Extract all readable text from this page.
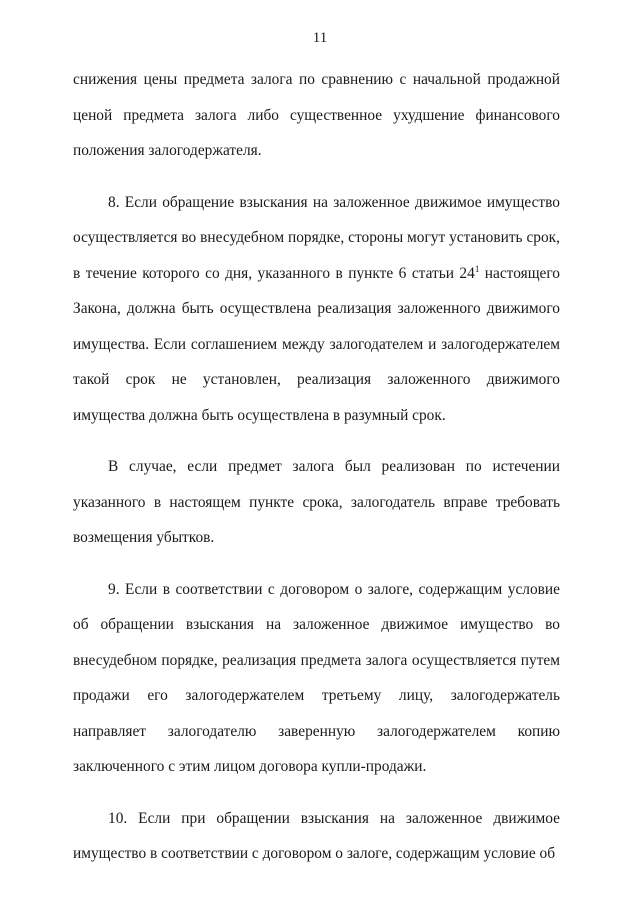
11

снижения цены предмета залога по сравнению с начальной продажной ценой предмета залога либо существенное ухудшение финансового положения залогодержателя.

8. Если обращение взыскания на заложенное движимое имущество осуществляется во внесудебном порядке, стороны могут установить срок, в течение которого со дня, указанного в пункте 6 статьи $24^1$ настоящего Закона, должна быть осуществлена реализация заложенного движимого имущества. Если соглашением между залогодателем и залогодержателем такой срок не установлен, реализация заложенного движимого имущества должна быть осуществлена в разумный срок.

В случае, если предмет залога был реализован по истечении указанного в настоящем пункте срока, залогодатель вправе требовать возмещения убытков.

9. Если в соответствии с договором о залоге, содержащим условие об обращении взыскания на заложенное движимое имущество во внесудебном порядке, реализация предмета залога осуществляется путем продажи его залогодержателем третьему лицу, залогодержатель направляет залогодателю заверенную залогодержателем копию заключенного с этим лицом договора купли-продажи.

10. Если при обращении взыскания на заложенное движимое имущество в соответствии с договором о залоге, содержащим условие об
